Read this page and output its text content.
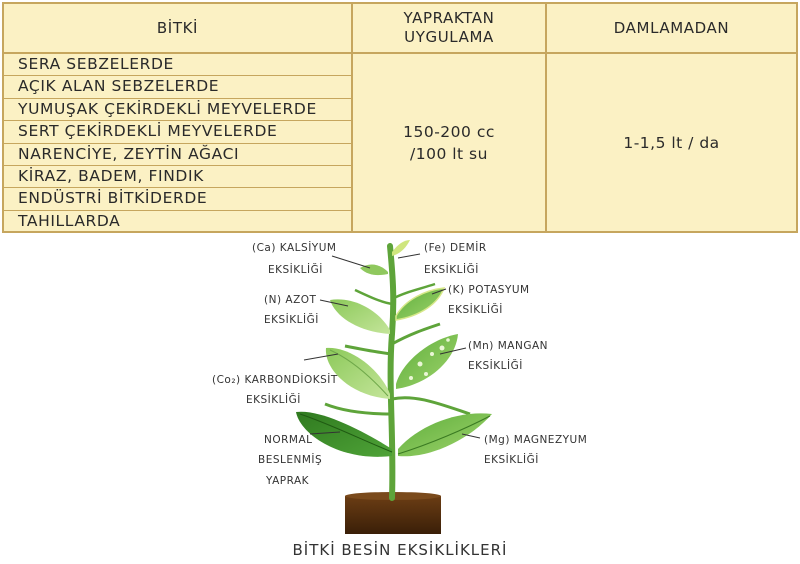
BİTKİ
YAPRAKTAN
UYGULAMA
DAMLAMADAN
SERA SEBZELERDE
AÇIK ALAN SEBZELERDE
YUMUŞAK ÇEKİRDEKLİ MEYVELERDE
SERT ÇEKİRDEKLİ MEYVELERDE
NARENCİYE, ZEYTİN AĞACI
KİRAZ, BADEM, FINDIK
ENDÜSTRİ BİTKİDERDE
TAHILLARDA
150-200 cc
/100 lt su
1-1,5 lt / da
(Ca) KALSİYUM
EKSİKLİĞİ
(Fe) DEMİR
EKSİKLİĞİ
(N) AZOT
EKSİKLİĞİ
(K) POTASYUM
EKSİKLİĞİ
(Mn) MANGAN
EKSİKLİĞİ
(Co₂) KARBONDİOKSİT
EKSİKLİĞİ
NORMAL
BESLENMİŞ
YAPRAK
(Mg) MAGNEZYUM
EKSİKLİĞİ
BİTKİ BESİN EKSİKLİKLERİ
